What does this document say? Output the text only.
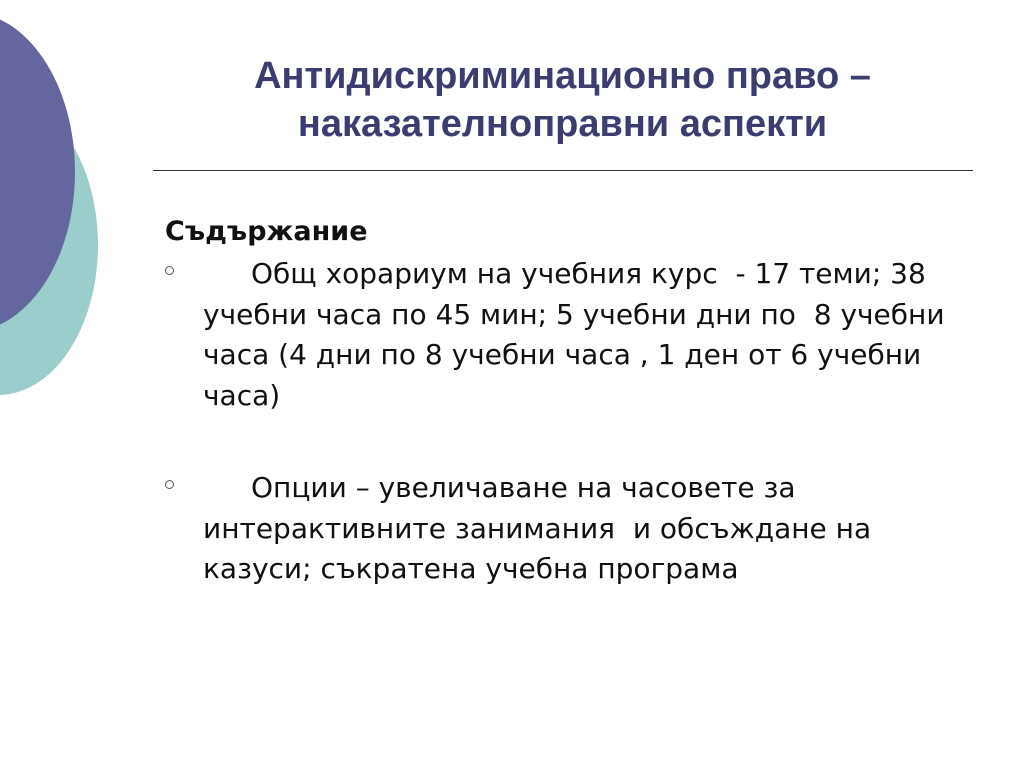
Антидискриминационно право –
наказателноправни аспекти
Съдържание
Общ хорариум на учебния курс  - 17 теми; 38 учебни часа по 45 мин; 5 учебни дни по  8 учебни часа (4 дни по 8 учебни часа , 1 ден от 6 учебни часа)
Опции – увеличаване на часовете за интерактивните занимания  и обсъждане на казуси; съкратена учебна програма
